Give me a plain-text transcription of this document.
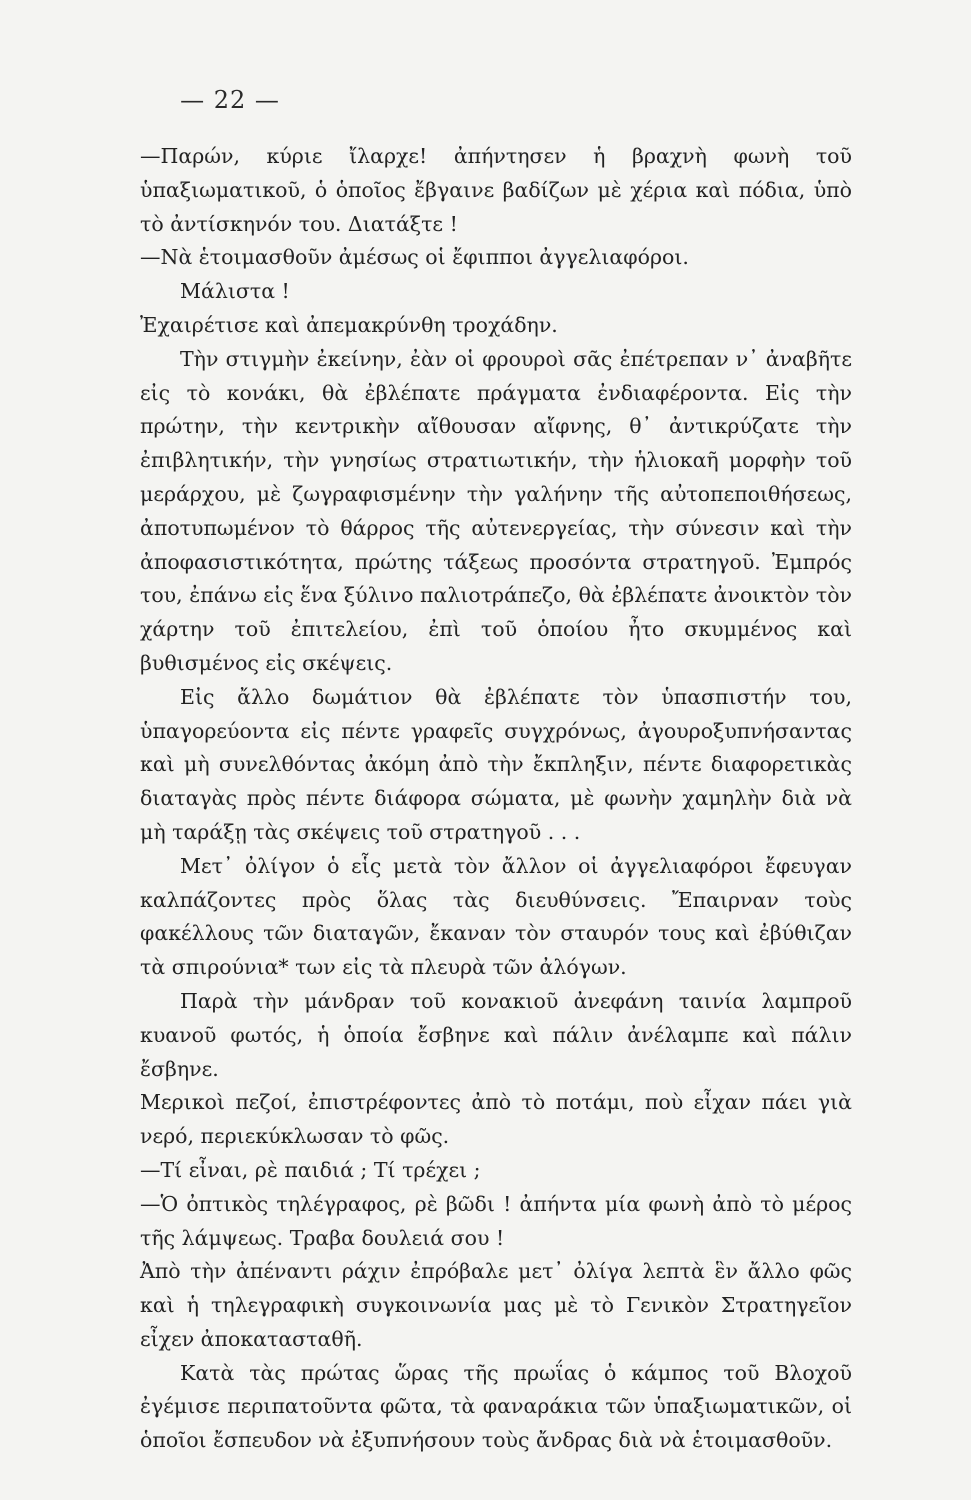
— 22 —

—Παρών, κύριε ἴλαρχε! ἀπήντησεν ἡ βραχνὴ φωνὴ τοῦ ὑπαξιωματικοῦ, ὁ ὁποῖος ἔβγαινε βαδίζων μὲ χέρια καὶ πόδια, ὑπὸ τὸ ἀντίσκηνόν του. Διατάξτε !

—Νὰ ἑτοιμασθοῦν ἀμέσως οἱ ἔφιπποι ἀγγελιαφόροι.

Μάλιστα !

Ἐχαιρέτισε καὶ ἀπεμακρύνθη τροχάδην.

Τὴν στιγμὴν ἐκείνην, ἐὰν οἱ φρουροὶ σᾶς ἐπέτρεπαν ν᾽ ἀναβῆτε εἰς τὸ κονάκι, θὰ ἐβλέπατε πράγματα ἐνδιαφέροντα. Εἰς τὴν πρώτην, τὴν κεντρικὴν αἴθουσαν αἴφνης, θ᾽ ἀντικρύζατε τὴν ἐπιβλητικήν, τὴν γνησίως στρατιωτικήν, τὴν ἡλιοκαῆ μορφὴν τοῦ μεράρχου, μὲ ζωγραφισμένην τὴν γαλήνην τῆς αὐτοπεποιθήσεως, ἀποτυπωμένον τὸ θάρρος τῆς αὐτενεργείας, τὴν σύνεσιν καὶ τὴν ἀποφασιστικότητα, πρώτης τάξεως προσόντα στρατηγοῦ. Ἐμπρός του, ἐπάνω εἰς ἕνα ξύλινο παλιοτράπεζο, θὰ ἐβλέπατε ἀνοικτὸν τὸν χάρτην τοῦ ἐπιτελείου, ἐπὶ τοῦ ὁποίου ἦτο σκυμμένος καὶ βυθισμένος εἰς σκέψεις.

Εἰς ἄλλο δωμάτιον θὰ ἐβλέπατε τὸν ὑπασπιστήν του, ὑπαγορεύοντα εἰς πέντε γραφεῖς συγχρόνως, ἀγουροξυπνήσαντας καὶ μὴ συνελθόντας ἀκόμη ἀπὸ τὴν ἔκπληξιν, πέντε διαφορετικὰς διαταγὰς πρὸς πέντε διάφορα σώματα, μὲ φωνὴν χαμηλὴν διὰ νὰ μὴ ταράξῃ τὰς σκέψεις τοῦ στρατηγοῦ . . .

Μετ᾽ ὀλίγον ὁ εἷς μετὰ τὸν ἄλλον οἱ ἀγγελιαφόροι ἔφευγαν καλπάζοντες πρὸς ὅλας τὰς διευθύνσεις. Ἔπαιρναν τοὺς φακέλλους τῶν διαταγῶν, ἔκαναν τὸν σταυρόν τους καὶ ἐβύθιζαν τὰ σπιρούνια* των εἰς τὰ πλευρὰ τῶν ἀλόγων.

Παρὰ τὴν μάνδραν τοῦ κονακιοῦ ἀνεφάνη ταινία λαμπροῦ κυανοῦ φωτός, ἡ ὁποία ἔσβηνε καὶ πάλιν ἀνέλαμπε καὶ πάλιν ἔσβηνε.

Μερικοὶ πεζοί, ἐπιστρέφοντες ἀπὸ τὸ ποτάμι, ποὺ εἶχαν πάει γιὰ νερό, περιεκύκλωσαν τὸ φῶς.

—Τί εἶναι, ρὲ παιδιά ; Τί τρέχει ;

—Ὁ ὀπτικὸς τηλέγραφος, ρὲ βῶδι ! ἀπήντα μία φωνὴ ἀπὸ τὸ μέρος τῆς λάμψεως. Τραβα δουλειά σου !

Ἀπὸ τὴν ἀπέναντι ράχιν ἐπρόβαλε μετ᾽ ὀλίγα λεπτὰ ἓν ἄλλο φῶς καὶ ἡ τηλεγραφικὴ συγκοινωνία μας μὲ τὸ Γενικὸν Στρατηγεῖον εἶχεν ἀποκατασταθῆ.

Κατὰ τὰς πρώτας ὥρας τῆς πρωΐας ὁ κάμπος τοῦ Βλοχοῦ ἐγέμισε περιπατοῦντα φῶτα, τὰ φαναράκια τῶν ὑπαξιωματικῶν, οἱ ὁποῖοι ἔσπευδον νὰ ἐξυπνήσουν τοὺς ἄνδρας διὰ νὰ ἑτοιμασθοῦν.
